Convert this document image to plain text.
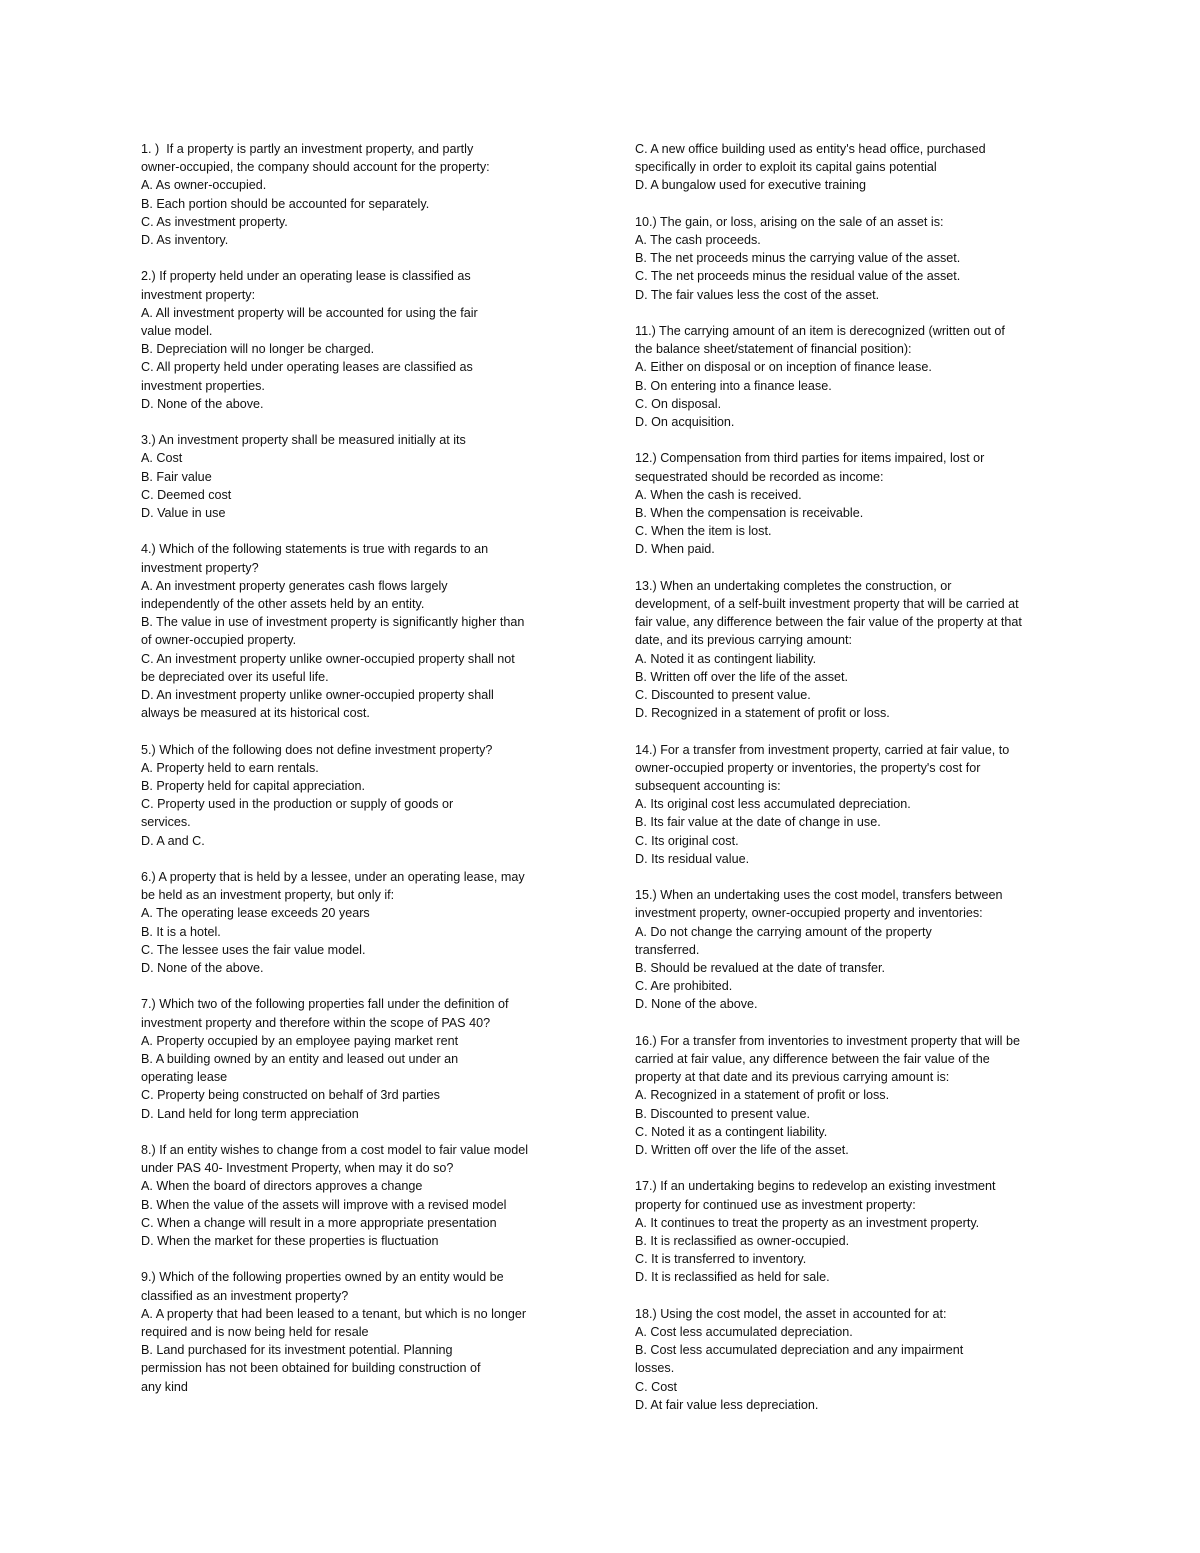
1. )  If a property is partly an investment property, and partly
owner-occupied, the company should account for the property:
A. As owner-occupied.
B. Each portion should be accounted for separately.
C. As investment property.
D. As inventory.
2.) If property held under an operating lease is classified as
investment property:
A. All investment property will be accounted for using the fair
value model.
B. Depreciation will no longer be charged.
C. All property held under operating leases are classified as
investment properties.
D. None of the above.
3.) An investment property shall be measured initially at its
A. Cost
B. Fair value
C. Deemed cost
D. Value in use
4.) Which of the following statements is true with regards to an
investment property?
A. An investment property generates cash flows largely
independently of the other assets held by an entity.
B. The value in use of investment property is significantly higher than
of owner-occupied property.
C. An investment property unlike owner-occupied property shall not
be depreciated over its useful life.
D. An investment property unlike owner-occupied property shall
always be measured at its historical cost.
5.) Which of the following does not define investment property?
A. Property held to earn rentals.
B. Property held for capital appreciation.
C. Property used in the production or supply of goods or
services.
D. A and C.
6.) A property that is held by a lessee, under an operating lease, may
be held as an investment property, but only if:
A. The operating lease exceeds 20 years
B. It is a hotel.
C. The lessee uses the fair value model.
D. None of the above.
7.) Which two of the following properties fall under the definition of
investment property and therefore within the scope of PAS 40?
A. Property occupied by an employee paying market rent
B. A building owned by an entity and leased out under an
operating lease
C. Property being constructed on behalf of 3rd parties
D. Land held for long term appreciation
8.) If an entity wishes to change from a cost model to fair value model
under PAS 40- Investment Property, when may it do so?
A. When the board of directors approves a change
B. When the value of the assets will improve with a revised model
C. When a change will result in a more appropriate presentation
D. When the market for these properties is fluctuation
9.) Which of the following properties owned by an entity would be
classified as an investment property?
A. A property that had been leased to a tenant, but which is no longer
required and is now being held for resale
B. Land purchased for its investment potential. Planning
permission has not been obtained for building construction of
any kind
C. A new office building used as entity's head office, purchased
specifically in order to exploit its capital gains potential
D. A bungalow used for executive training
10.) The gain, or loss, arising on the sale of an asset is:
A. The cash proceeds.
B. The net proceeds minus the carrying value of the asset.
C. The net proceeds minus the residual value of the asset.
D. The fair values less the cost of the asset.
11.) The carrying amount of an item is derecognized (written out of
the balance sheet/statement of financial position):
A. Either on disposal or on inception of finance lease.
B. On entering into a finance lease.
C. On disposal.
D. On acquisition.
12.) Compensation from third parties for items impaired, lost or
sequestrated should be recorded as income:
A. When the cash is received.
B. When the compensation is receivable.
C. When the item is lost.
D. When paid.
13.) When an undertaking completes the construction, or
development, of a self-built investment property that will be carried at
fair value, any difference between the fair value of the property at that
date, and its previous carrying amount:
A. Noted it as contingent liability.
B. Written off over the life of the asset.
C. Discounted to present value.
D. Recognized in a statement of profit or loss.
14.) For a transfer from investment property, carried at fair value, to
owner-occupied property or inventories, the property's cost for
subsequent accounting is:
A. Its original cost less accumulated depreciation.
B. Its fair value at the date of change in use.
C. Its original cost.
D. Its residual value.
15.) When an undertaking uses the cost model, transfers between
investment property, owner-occupied property and inventories:
A. Do not change the carrying amount of the property
transferred.
B. Should be revalued at the date of transfer.
C. Are prohibited.
D. None of the above.
16.) For a transfer from inventories to investment property that will be
carried at fair value, any difference between the fair value of the
property at that date and its previous carrying amount is:
A. Recognized in a statement of profit or loss.
B. Discounted to present value.
C. Noted it as a contingent liability.
D. Written off over the life of the asset.
17.) If an undertaking begins to redevelop an existing investment
property for continued use as investment property:
A. It continues to treat the property as an investment property.
B. It is reclassified as owner-occupied.
C. It is transferred to inventory.
D. It is reclassified as held for sale.
18.) Using the cost model, the asset in accounted for at:
A. Cost less accumulated depreciation.
B. Cost less accumulated depreciation and any impairment
losses.
C. Cost
D. At fair value less depreciation.
